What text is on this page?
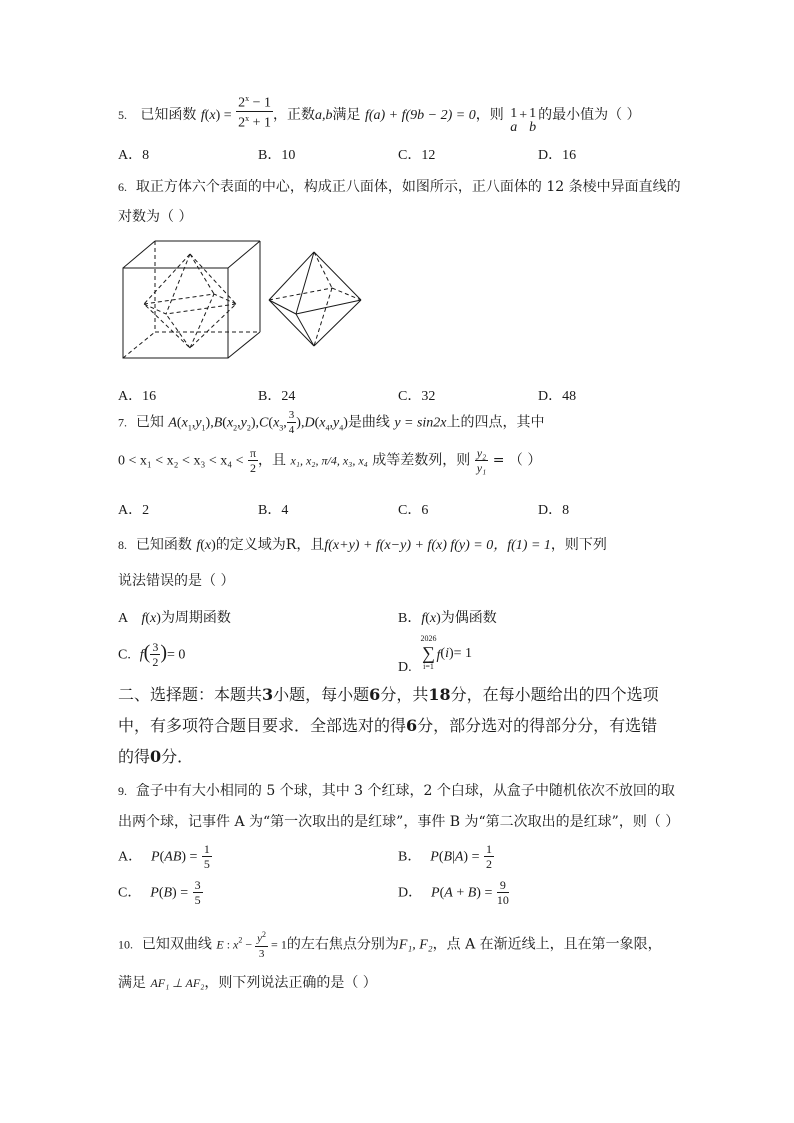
5. 已知函数 $f(x) = \frac{2^x - 1}{2^x + 1}$ ，正数a,b满足 f(a) + f(9b − 2) = 0，则 1
a
+ 1
b
的最小值为（ ）
A．8	B．10	C．12	D．16
6. 取正方体六个表面的中心，构成正八面体，如图所示，正八面体的 12 条棱中异面直线的
对数为（ ）
A．16	B．24	C．32	D．48
7. 已知 $A(x_1,y_1),B(x_2,y_2),C(x_3$, $\frac{3}{4} ),D(x_4,y_4)$是曲线 y = sin2x上的四点，其中
$0 < x_1 < x_2 < x_3 < x_4 < \frac{\pi}{2}$ ，且 x₁, x₂, π/4, x₃, x₄ 成等差数列，则 $\frac{\text{y₂}}{\text{y₁}}$ = （ ）
A．2	B．4	C．6	D．8
8. 已知函数 f(x)的定义域为R，且f(x+y) + f(x−y) + f(x) f(y) = 0，f(1) = 1，则下列
说法错误的是（ ）
A f(x)为周期函数	B．f(x)为偶函数
C. $f( \frac{3}{2}$ )= 0
D.
2026
∑
i=1
f(i)= 1
二、选择题：本题共3小题，每小题6分，共18分，在每小题给出的四个选项
中，有多项符合题目要求．全部选对的得6分，部分选对的得部分分，有选错
的得0分．
9. 盒子中有大小相同的 5 个球，其中 3 个红球，2 个白球，从盒子中随机依次不放回的取
出两个球，记事件 A 为“第一次取出的是红球”，事件 B 为“第二次取出的是红球”，则（ ）
A． $P(AB) = \frac{1}{5}$	B． $P(B|A) = \frac{1}{2}$
C． $P(B) = \frac{3}{5}$	D． $P(A + B) = \frac{9}{10}$
10. 已知双曲线 E : $x^2 - \frac{y^2}{3} = 1$的左右焦点分别为F₁, F₂，点 A 在渐近线上，且在第一象限，
满足 AF₁ ⊥ AF₂，则下列说法正确的是（ ）
